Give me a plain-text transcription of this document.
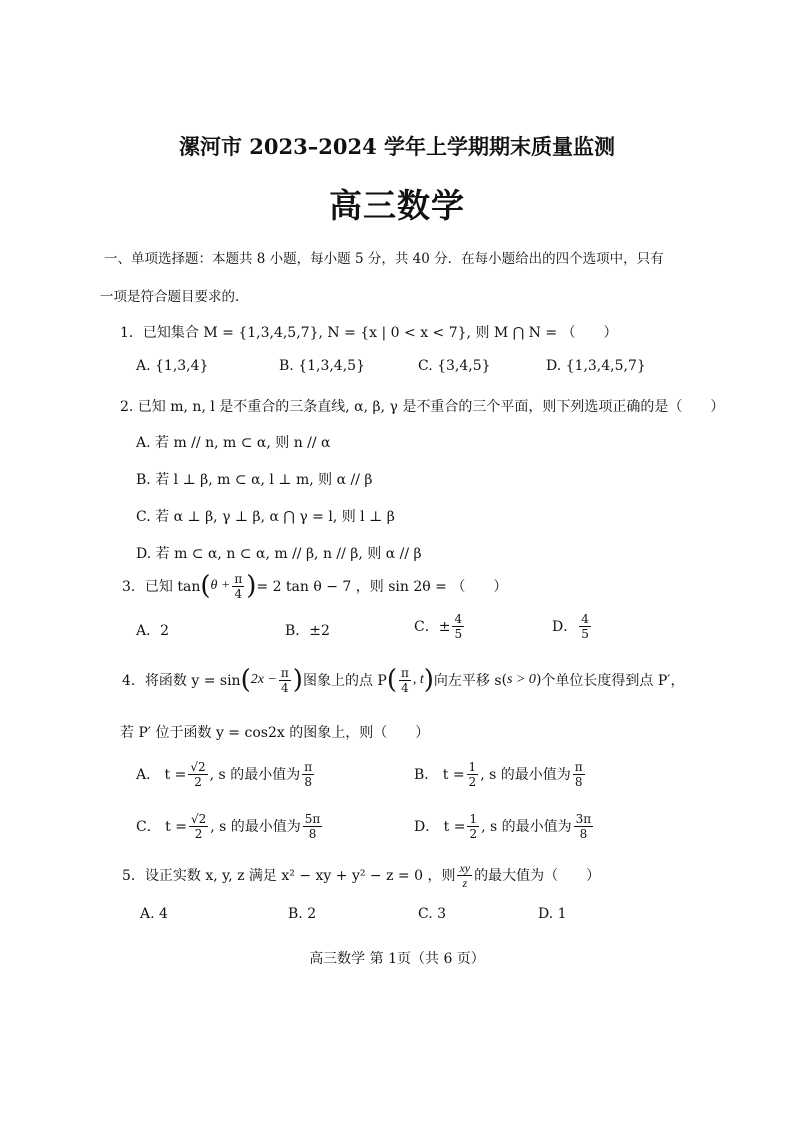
漯河市 2023–2024 学年上学期期末质量监测
高三数学
一、单项选择题：本题共 8 小题，每小题 5 分，共 40 分．在每小题给出的四个选项中，只有
一项是符合题目要求的.
1．已知集合 M = {1,3,4,5,7}, N = {x | 0 < x < 7}, 则 M ⋂ N = （　　）
A. {1,3,4}	B. {1,3,4,5}	C. {3,4,5}	D. {1,3,4,5,7}
2. 已知 m, n, l 是不重合的三条直线, α, β, γ 是不重合的三个平面，则下列选项正确的是（　　）
A. 若 m // n, m ⊂ α, 则 n // α
B. 若 l ⊥ β, m ⊂ α, l ⊥ m, 则 α // β
C. 若 α ⊥ β, γ ⊥ β, α ⋂ γ = l, 则 l ⊥ β
D. 若 m ⊂ α, n ⊂ α, m // β, n // β, 则 α // β
3．已知 tan ( $\theta + \frac{\pi}{4}$ ) = 2 tan θ − 7 ，则 sin 2θ = （　　）
A．2	B．±2	C．± $\frac{4}{5}$	D． $\frac{4}{5}$
4．将函数 y = sin ( $2x - \frac{\pi}{4}$ ) 图象上的点 P ( $\frac{\pi}{4}$ , t ) 向左平移 s ( s > 0 ) 个单位长度得到点 P′，
若 P′ 位于函数 y = cos2x 的图象上，则（　　）
A． $t = \frac{√2}{2}$ , s 的最小值为 $\frac{\pi}{8}$	B． $t = \frac{1}{2}$ , s 的最小值为 $\frac{\pi}{8}$
C． $t = \frac{√2}{2}$ , s 的最小值为 $\frac{5\pi}{8}$	D． $t = \frac{1}{2}$ , s 的最小值为 $\frac{3\pi}{8}$
5．设正实数 x, y, z 满足 x² − xy + y² − z = 0 ，则 $\frac{xy}{z}$ 的最大值为（　　）
A. 4	B. 2	C. 3	D. 1
高三数学 第 1页（共 6 页）
